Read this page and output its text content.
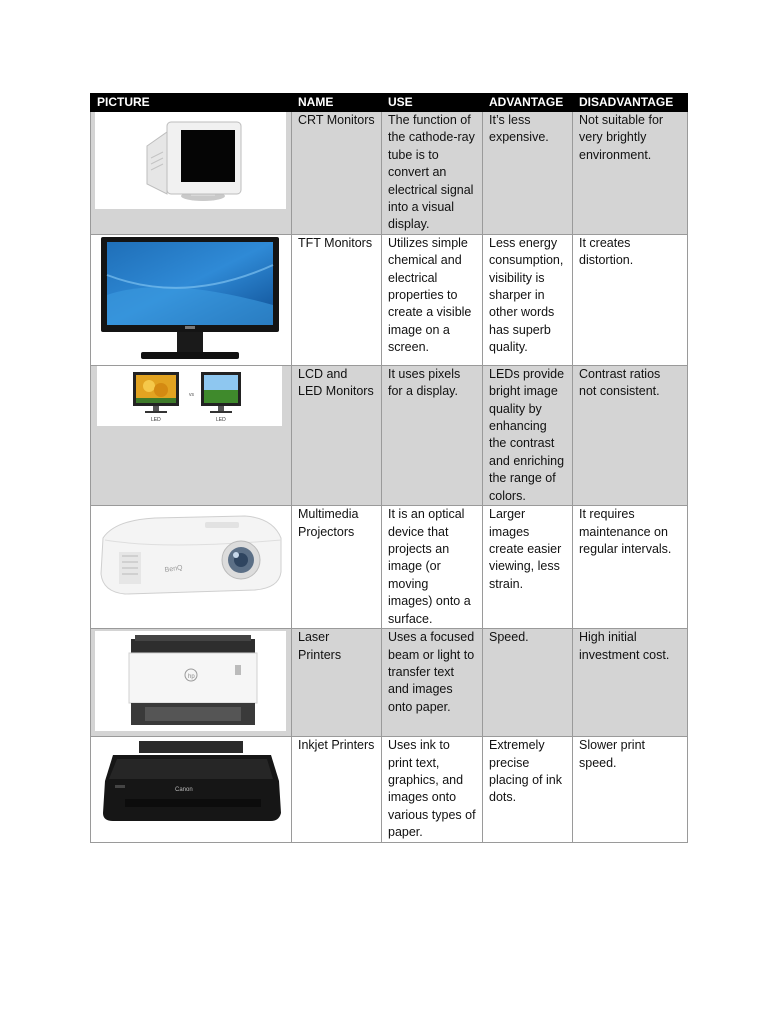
PICTURE	NAME	USE	ADVANTAGE	DISADVANTAGE

	CRT Monitors	The function of the cathode-ray tube is to convert an electrical signal into a visual display.	It’s less expensive.	Not suitable for very brightly environment.

	TFT Monitors	Utilizes simple chemical and electrical properties to create a visible image on a screen.	Less energy consumption, visibility is sharper in other words has superb quality.	It creates distortion.

vs
LED LED	LCD and LED Monitors	It uses pixels for a display.	LEDs provide bright image quality by enhancing the contrast and enriching the range of colors.	Contrast ratios not consistent.

BenQ	Multimedia Projectors	It is an optical device that projects an image (or moving images) onto a surface.	Larger images create easier viewing, less strain.	It requires maintenance on regular intervals.

hp	Laser Printers	Uses a focused beam or light to transfer text and images onto paper.	Speed.	High initial investment cost.

Canon	Inkjet Printers	Uses ink to print text, graphics, and images onto various types of paper.	Extremely precise placing of ink dots.	Slower print speed.
